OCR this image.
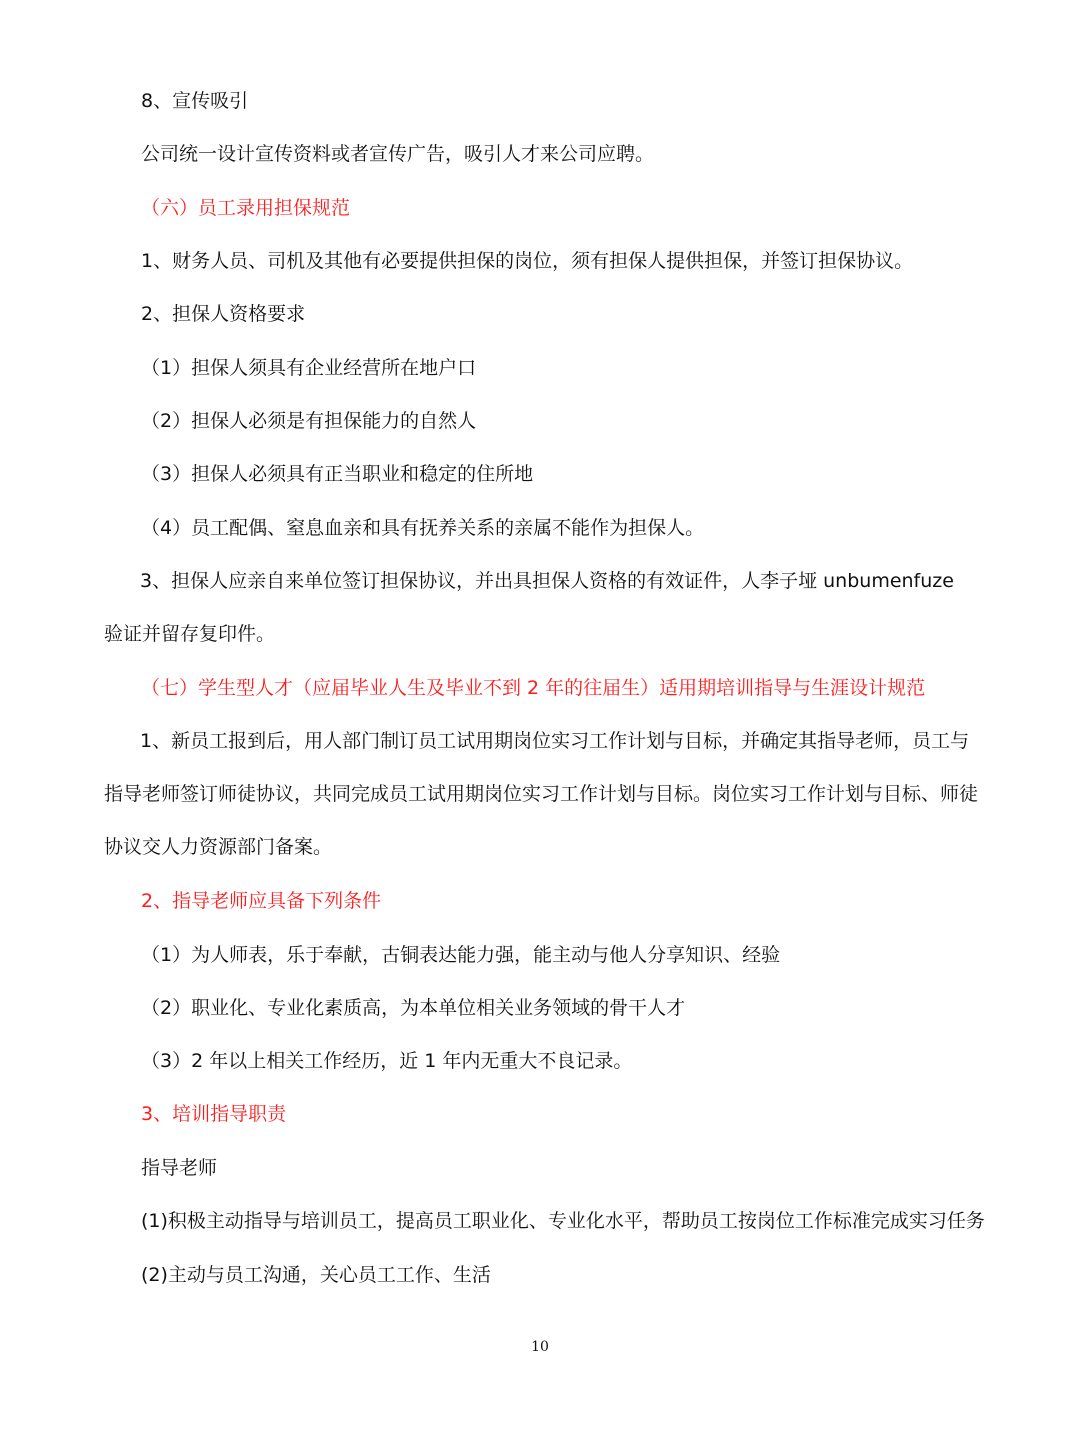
8、宣传吸引

公司统一设计宣传资料或者宣传广告，吸引人才来公司应聘。

（六）员工录用担保规范

1、财务人员、司机及其他有必要提供担保的岗位，须有担保人提供担保，并签订担保协议。

2、担保人资格要求

（1）担保人须具有企业经营所在地户口

（2）担保人必须是有担保能力的自然人

（3）担保人必须具有正当职业和稳定的住所地

（4）员工配偶、窒息血亲和具有抚养关系的亲属不能作为担保人。

3、担保人应亲自来单位签订担保协议，并出具担保人资格的有效证件，人李子垭 unbumenfuze 验证并留存复印件。

（七）学生型人才（应届毕业人生及毕业不到 2 年的往届生）适用期培训指导与生涯设计规范

1、新员工报到后，用人部门制订员工试用期岗位实习工作计划与目标，并确定其指导老师，员工与指导老师签订师徒协议，共同完成员工试用期岗位实习工作计划与目标。岗位实习工作计划与目标、师徒协议交人力资源部门备案。

2、指导老师应具备下列条件

（1）为人师表，乐于奉献，古铜表达能力强，能主动与他人分享知识、经验

（2）职业化、专业化素质高，为本单位相关业务领域的骨干人才

（3）2 年以上相关工作经历，近 1 年内无重大不良记录。

3、培训指导职责

指导老师

(1)积极主动指导与培训员工，提高员工职业化、专业化水平，帮助员工按岗位工作标准完成实习任务

(2)主动与员工沟通，关心员工工作、生活

10
